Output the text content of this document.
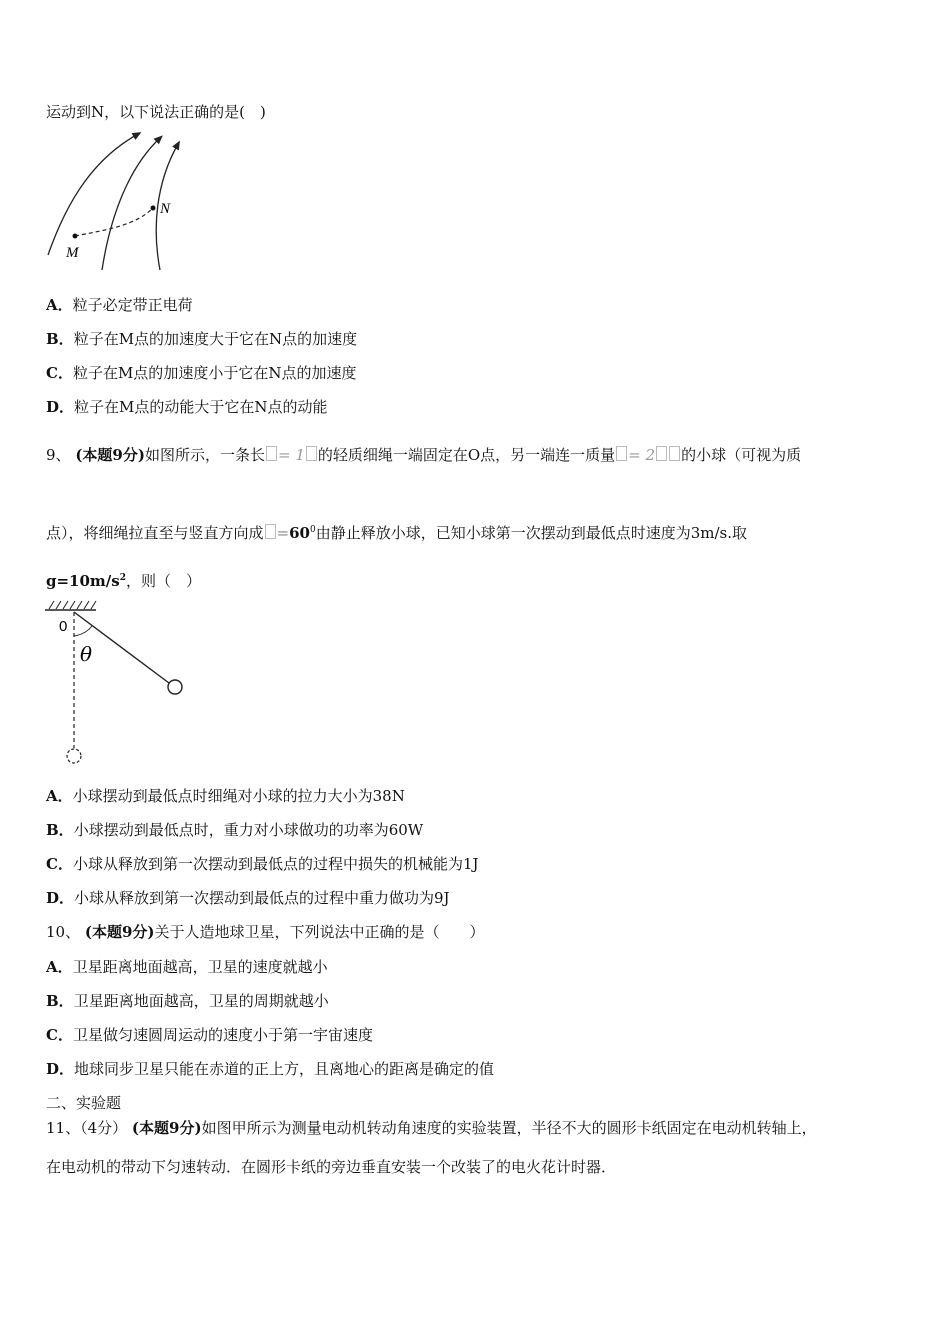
运动到N，以下说法正确的是(　)
M
N
A．粒子必定带正电荷
B．粒子在M点的加速度大于它在N点的加速度
C．粒子在M点的加速度小于它在N点的加速度
D．粒子在M点的动能大于它在N点的动能
9、 (本题9分)如图所示，一条长 = 1 的轻质细绳一端固定在O点，另一端连一质量 = 2 的小球（可视为质
点），将细绳拉直至与竖直方向成 $=60^0$由静止释放小球，已知小球第一次摆动到最低点时速度为3m/s.取
$g=10m/s^2$，则（　）
0
θ
A．小球摆动到最低点时细绳对小球的拉力大小为38N
B．小球摆动到最低点时，重力对小球做功的功率为60W
C．小球从释放到第一次摆动到最低点的过程中损失的机械能为1J
D．小球从释放到第一次摆动到最低点的过程中重力做功为9J
10、 (本题9分)关于人造地球卫星，下列说法中正确的是（　　）
A．卫星距离地面越高，卫星的速度就越小
B．卫星距离地面越高，卫星的周期就越小
C．卫星做匀速圆周运动的速度小于第一宇宙速度
D．地球同步卫星只能在赤道的正上方，且离地心的距离是确定的值
二、实验题
11、（4分） (本题9分)如图甲所示为测量电动机转动角速度的实验装置，半径不大的圆形卡纸固定在电动机转轴上，
在电动机的带动下匀速转动．在圆形卡纸的旁边垂直安装一个改装了的电火花计时器．
